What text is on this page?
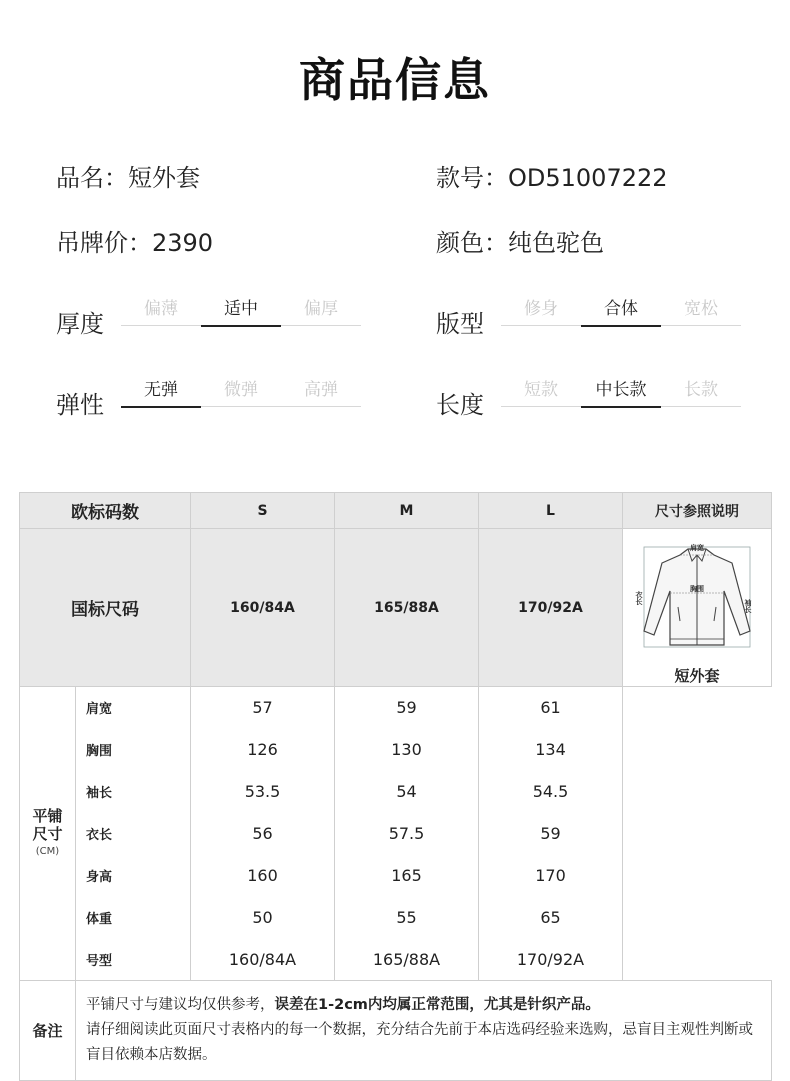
商品信息
品名：短外套	款号：OD51007222
吊牌价：2390	颜色：纯色驼色
厚度
偏薄	适中	偏厚
版型
修身	合体	宽松
弹性
无弹	微弹	高弹
长度
短款	中长款	长款
欧标码数		S	M	L	尺寸参照说明
国标尺码		160/84A	165/88A	170/92A	肩宽
胸围
衣长
袖长
短外套

平铺
尺寸
(CM)	肩宽	57	59	61	
	胸围	126	130	134	
	袖长	53.5	54	54.5	
	衣长	56	57.5	59	
	身高	160	165	170	
	体重	50	55	65	
	号型	160/84A	165/88A	170/92A	
备注	平铺尺寸与建议均仅供参考，误差在1-2cm内均属正常范围，尤其是针织产品。
请仔细阅读此页面尺寸表格内的每一个数据，充分结合先前于本店选码经验来选购，忌盲目主观性判断或盲目依赖本店数据。				
